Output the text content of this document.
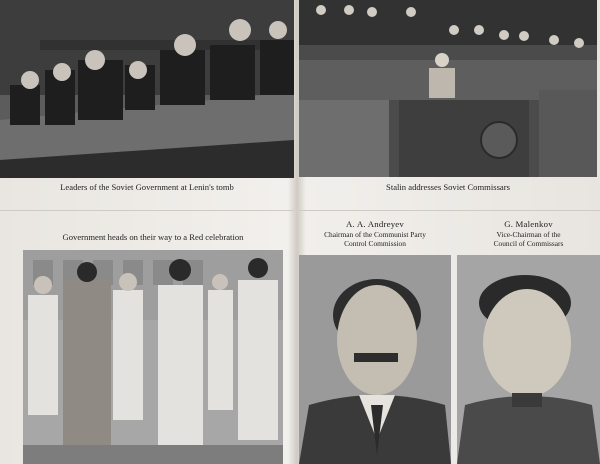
Leaders of the Soviet Government at Lenin's tomb
Government heads on their way to a Red celebration
Stalin addresses Soviet Commissars
A. A. Andreyev
Chairman of the Communist Party
Control Commission
G. Malenkov
Vice-Chairman of the
Council of Commissars
